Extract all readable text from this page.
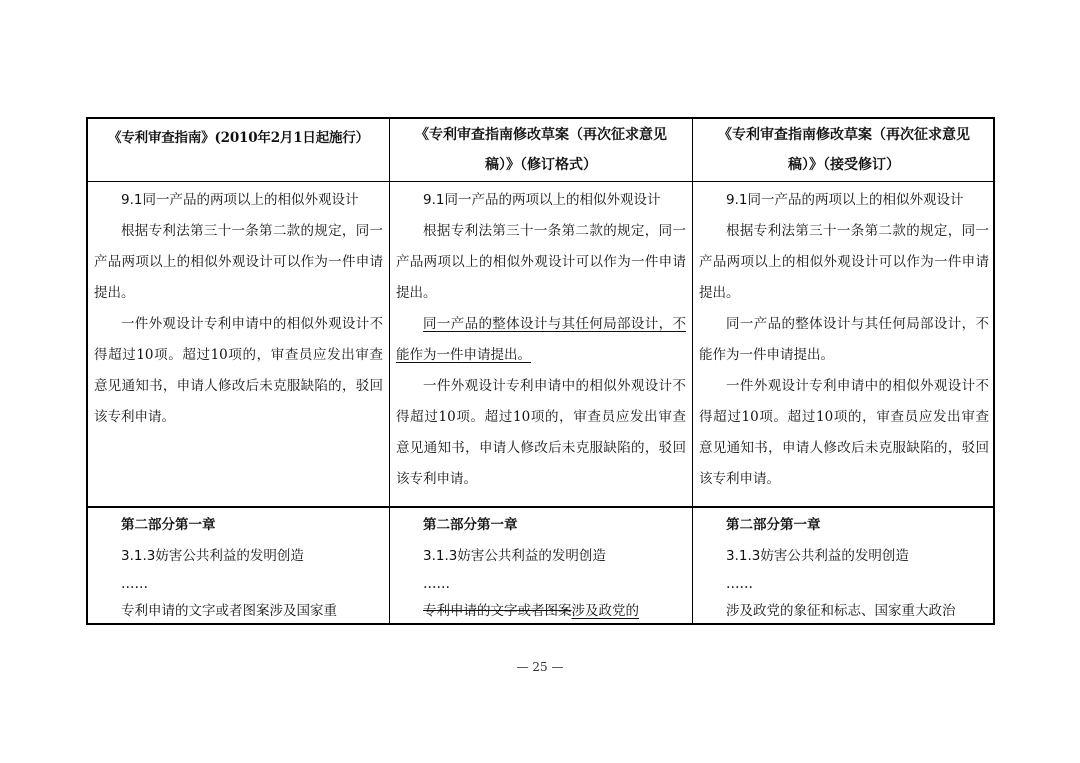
《专利审查指南》(2010年2月1日起施行）	《专利审查指南修改草案（再次征求意见

稿）》（修订格式）

《专利审查指南修改草案（再次征求意见

稿）》（接受修订）

9.1同一产品的两项以上的相似外观设计

根据专利法第三十一条第二款的规定，同一产品两项以上的相似外观设计可以作为一件申请提出。

一件外观设计专利申请中的相似外观设计不得超过10项。超过10项的，审查员应发出审查意见通知书，申请人修改后未克服缺陷的，驳回该专利申请。

9.1同一产品的两项以上的相似外观设计

根据专利法第三十一条第二款的规定，同一产品两项以上的相似外观设计可以作为一件申请提出。

同一产品的整体设计与其任何局部设计，不能作为一件申请提出。

一件外观设计专利申请中的相似外观设计不得超过10项。超过10项的，审查员应发出审查意见通知书，申请人修改后未克服缺陷的，驳回该专利申请。

9.1同一产品的两项以上的相似外观设计

根据专利法第三十一条第二款的规定，同一产品两项以上的相似外观设计可以作为一件申请提出。

同一产品的整体设计与其任何局部设计，不能作为一件申请提出。

一件外观设计专利申请中的相似外观设计不得超过10项。超过10项的，审查员应发出审查意见通知书，申请人修改后未克服缺陷的，驳回该专利申请。

第二部分第一章

3.1.3妨害公共利益的发明创造

……

专利申请的文字或者图案涉及国家重

第二部分第一章

3.1.3妨害公共利益的发明创造

……

专利申请的文字或者图案涉及政党的

第二部分第一章

3.1.3妨害公共利益的发明创造

……

涉及政党的象征和标志、国家重大政治

— 25 —
